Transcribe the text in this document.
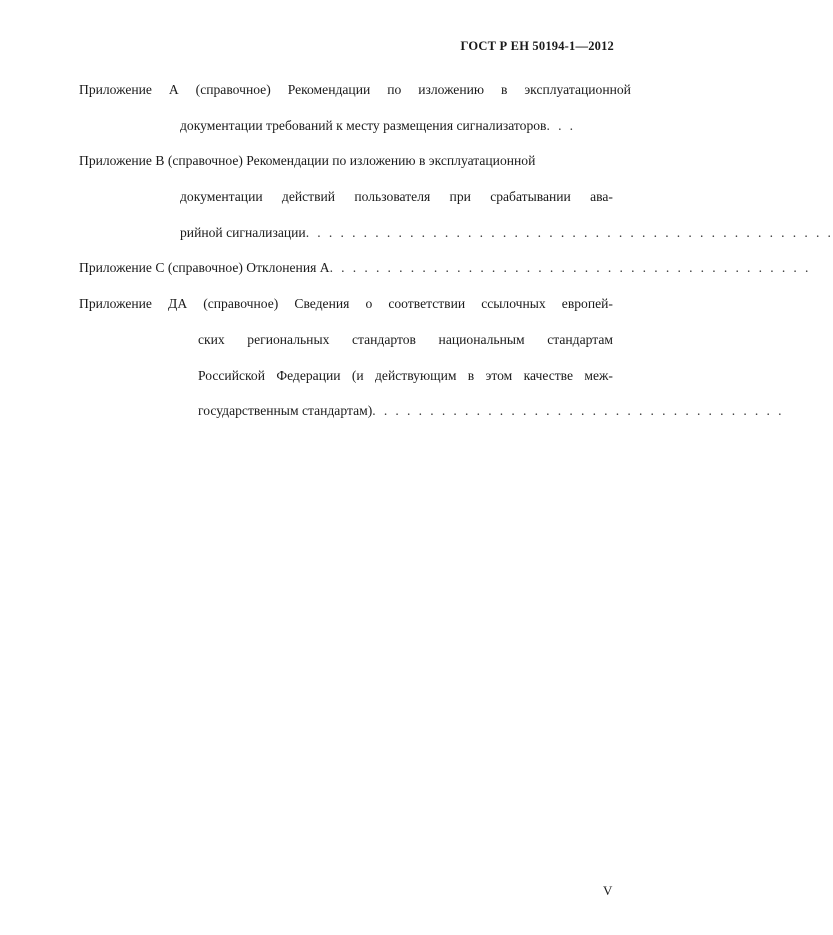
ГОСТ Р ЕН 50194-1—2012
Приложение А (справочное) Рекомендации по изложению в эксплуатационной
документации требований к месту размещения сигнализаторов. . .
Приложение В (справочное) Рекомендации по изложению в эксплуатационной
документации действий пользователя при срабатывании ава-
рийной сигнализации. . . . . . . . . . . . . . . . . . . . . . . . . . . . . . . . . . . . . . . . . . . . . .
Приложение С (справочное) Отклонения А. . . . . . . . . . . . . . . . . . . . . . . . . . . . . . . . . . . . . . . . . .
Приложение ДА (справочное) Сведения о соответствии ссылочных европей-
ских региональных стандартов национальным стандартам
Российской Федерации (и действующим в этом качестве меж-
государственным стандартам). . . . . . . . . . . . . . . . . . . . . . . . . . . . . . . . . . . .
V
